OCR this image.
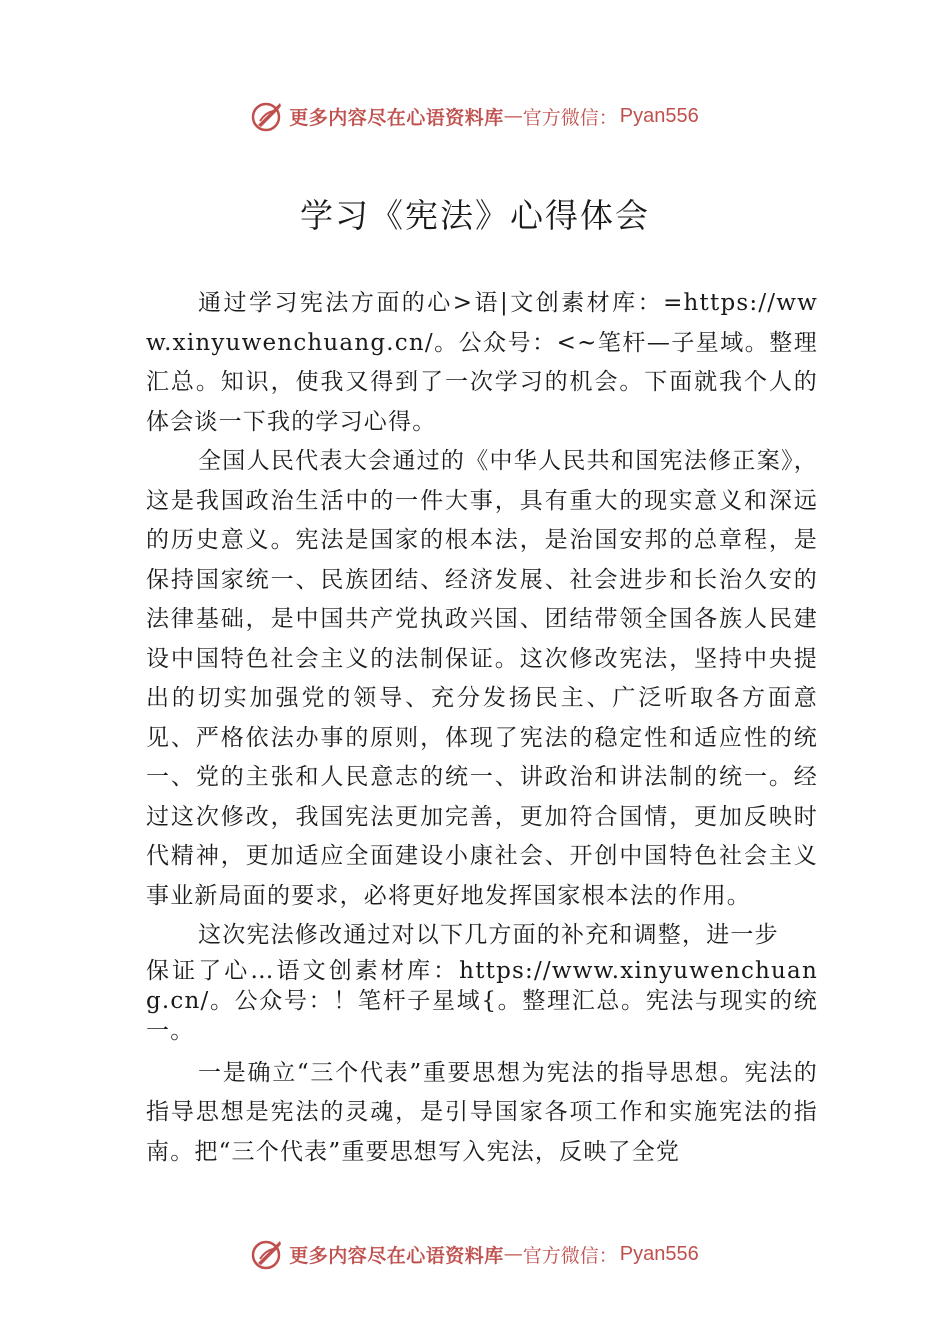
更多内容尽在心语资料库 — 官方微信： Pyan556
学习《宪法》心得体会

通过学习宪法方面的心>语|文创素材库：=https://www.xinyuwenchuang.cn/。公众号：<~笔杆—子星域。整理汇总。知识，使我又得到了一次学习的机会。下面就我个人的体会谈一下我的学习心得。

全国人民代表大会通过的《中华人民共和国宪法修正案》，这是我国政治生活中的一件大事，具有重大的现实意义和深远的历史意义。宪法是国家的根本法，是治国安邦的总章程，是保持国家统一、民族团结、经济发展、社会进步和长治久安的法律基础，是中国共产党执政兴国、团结带领全国各族人民建设中国特色社会主义的法制保证。这次修改宪法，坚持中央提出的切实加强党的领导、充分发扬民主、广泛听取各方面意见、严格依法办事的原则，体现了宪法的稳定性和适应性的统一、党的主张和人民意志的统一、讲政治和讲法制的统一。经过这次修改，我国宪法更加完善，更加符合国情，更加反映时代精神，更加适应全面建设小康社会、开创中国特色社会主义事业新局面的要求，必将更好地发挥国家根本法的作用。

这次宪法修改通过对以下几方面的补充和调整，进一步

保证了心…语文创素材库：https://www.xinyuwenchuang.cn/。公众号：！笔杆子星域{。整理汇总。宪法与现实的统一。

一是确立“三个代表”重要思想为宪法的指导思想。宪法的指导思想是宪法的灵魂，是引导国家各项工作和实施宪法的指南。把“三个代表”重要思想写入宪法，反映了全党

更多内容尽在心语资料库 — 官方微信： Pyan556
